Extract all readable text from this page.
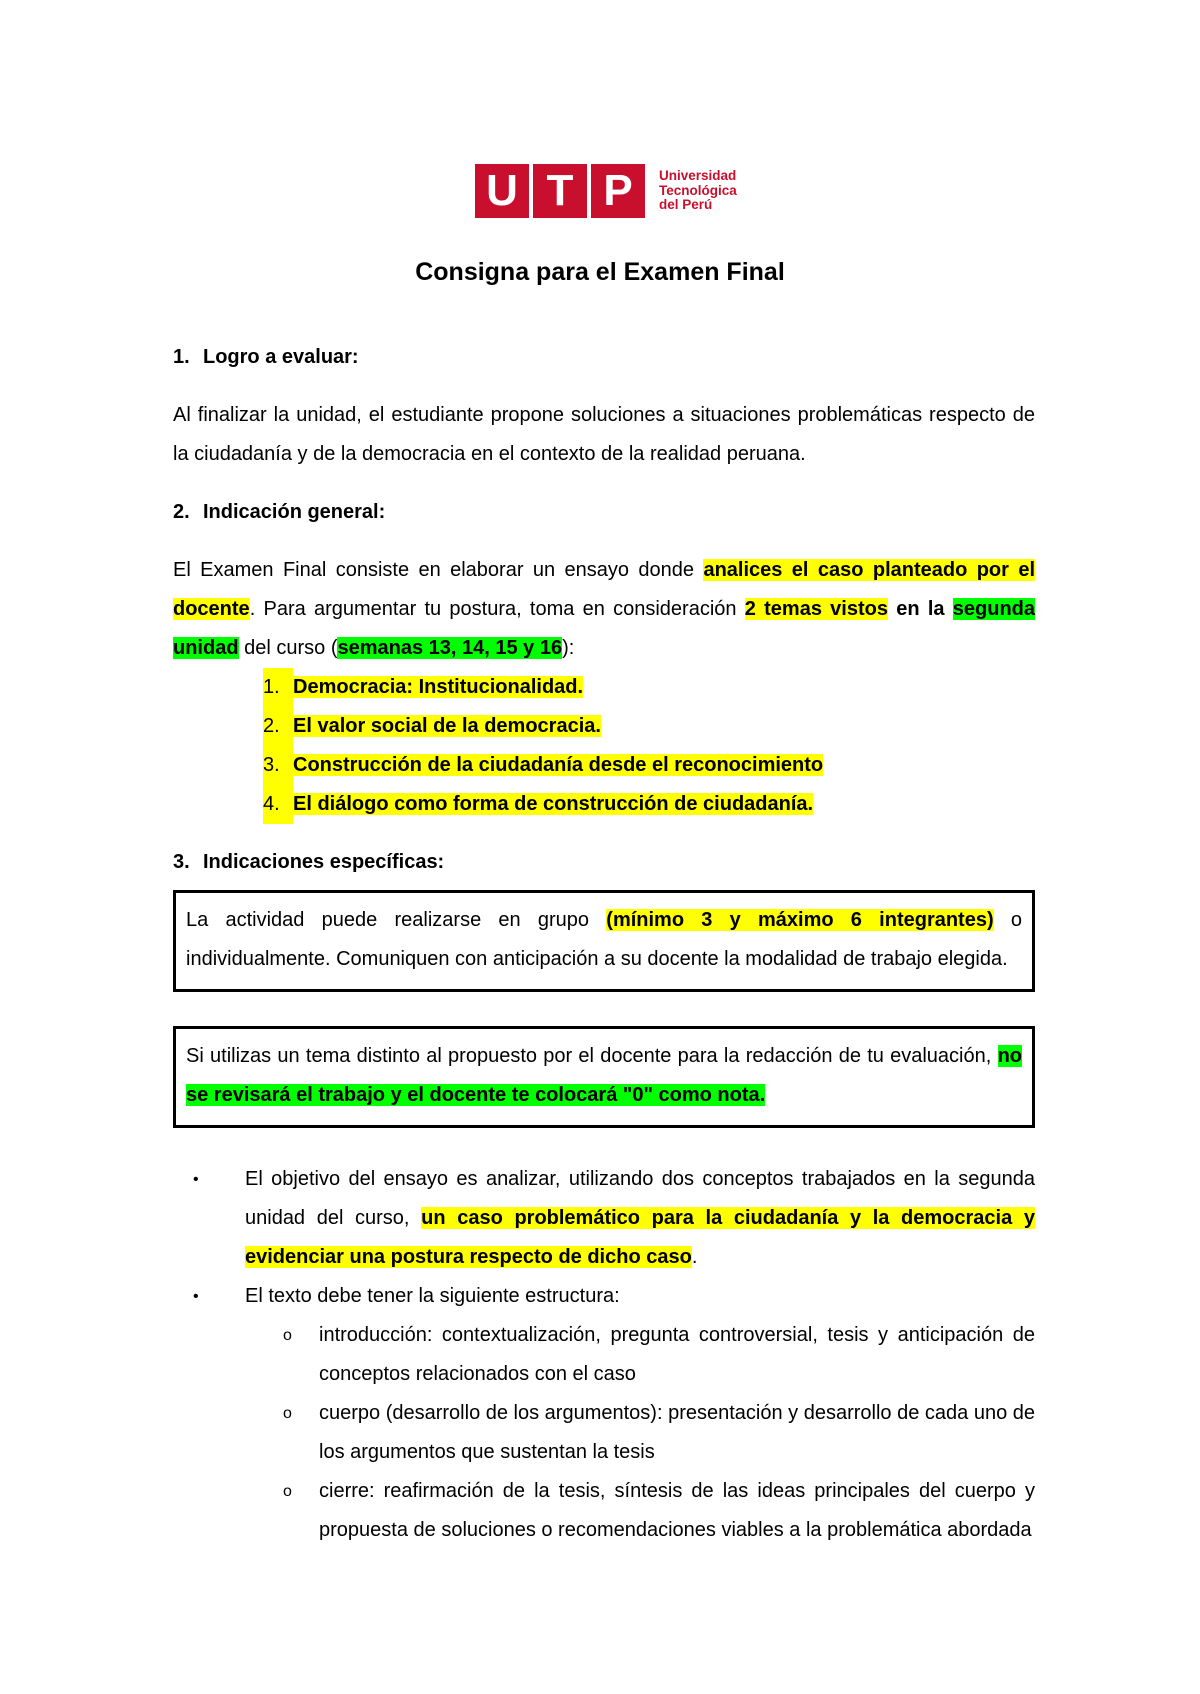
U T P	Universidad
Tecnológica
del Perú
Consigna para el Examen Final
1. Logro a evaluar:
Al finalizar la unidad, el estudiante propone soluciones a situaciones problemáticas respecto de la ciudadanía y de la democracia en el contexto de la realidad peruana.
2. Indicación general:
El Examen Final consiste en elaborar un ensayo donde analices el caso planteado por el docente. Para argumentar tu postura, toma en consideración 2 temas vistos en la segunda unidad del curso (semanas 13, 14, 15 y 16):
1. Democracia: Institucionalidad.
2. El valor social de la democracia.
3. Construcción de la ciudadanía desde el reconocimiento
4. El diálogo como forma de construcción de ciudadanía.
3. Indicaciones específicas:
La actividad puede realizarse en grupo (mínimo 3 y máximo 6 integrantes) o individualmente. Comuniquen con anticipación a su docente la modalidad de trabajo elegida.
Si utilizas un tema distinto al propuesto por el docente para la redacción de tu evaluación, no se revisará el trabajo y el docente te colocará "0" como nota.
• El objetivo del ensayo es analizar, utilizando dos conceptos trabajados en la segunda unidad del curso, un caso problemático para la ciudadanía y la democracia y evidenciar una postura respecto de dicho caso.
• El texto debe tener la siguiente estructura:
o introducción: contextualización, pregunta controversial, tesis y anticipación de conceptos relacionados con el caso
o cuerpo (desarrollo de los argumentos): presentación y desarrollo de cada uno de los argumentos que sustentan la tesis
o cierre: reafirmación de la tesis, síntesis de las ideas principales del cuerpo y propuesta de soluciones o recomendaciones viables a la problemática abordada
